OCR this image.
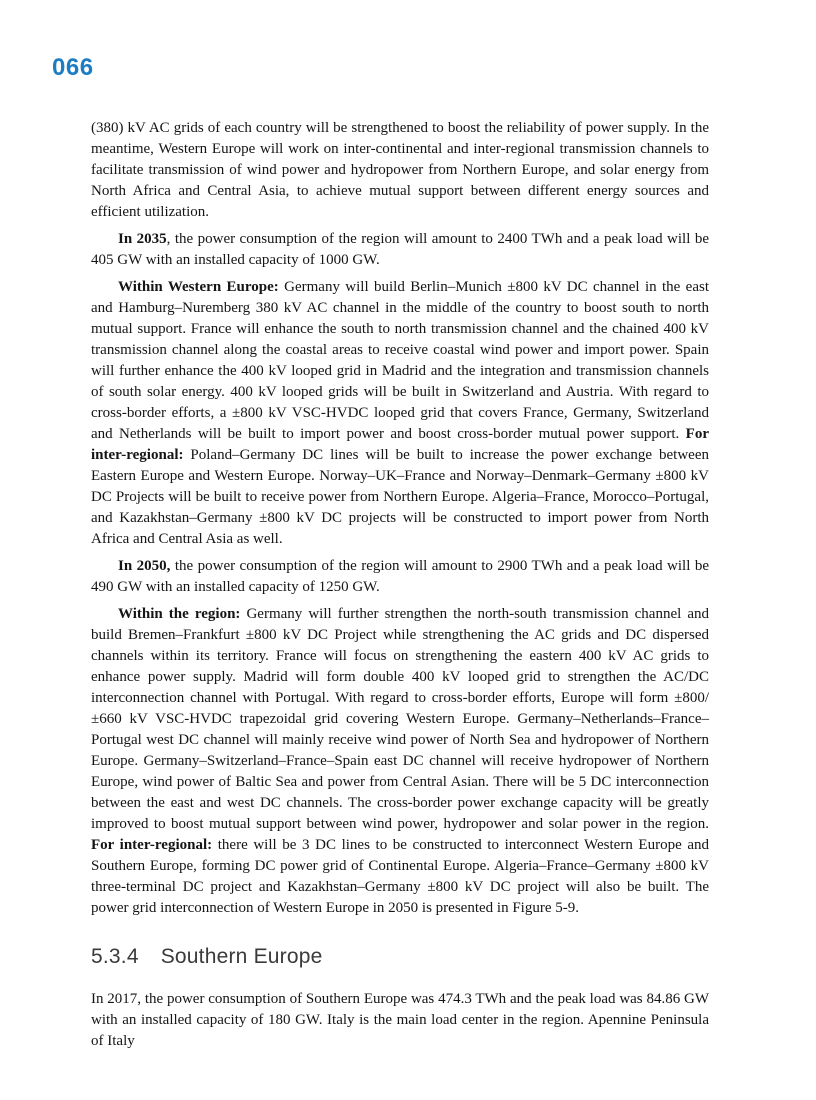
066

(380) kV AC grids of each country will be strengthened to boost the reliability of power supply. In the meantime, Western Europe will work on inter-continental and inter-regional transmission channels to facilitate transmission of wind power and hydropower from Northern Europe, and solar energy from North Africa and Central Asia, to achieve mutual support between different energy sources and efficient utilization.

In 2035, the power consumption of the region will amount to 2400 TWh and a peak load will be 405 GW with an installed capacity of 1000 GW.

Within Western Europe: Germany will build Berlin–Munich ±800 kV DC channel in the east and Hamburg–Nuremberg 380 kV AC channel in the middle of the country to boost south to north mutual support. France will enhance the south to north transmission channel and the chained 400 kV transmission channel along the coastal areas to receive coastal wind power and import power. Spain will further enhance the 400 kV looped grid in Madrid and the integration and transmission channels of south solar energy. 400 kV looped grids will be built in Switzerland and Austria. With regard to cross-border efforts, a ±800 kV VSC-HVDC looped grid that covers France, Germany, Switzerland and Netherlands will be built to import power and boost cross-border mutual power support. For inter-regional: Poland–Germany DC lines will be built to increase the power exchange between Eastern Europe and Western Europe. Norway–UK–France and Norway–Denmark–Germany ±800 kV DC Projects will be built to receive power from Northern Europe. Algeria–France, Morocco–Portugal, and Kazakhstan–Germany ±800 kV DC projects will be constructed to import power from North Africa and Central Asia as well.

In 2050, the power consumption of the region will amount to 2900 TWh and a peak load will be 490 GW with an installed capacity of 1250 GW.

Within the region: Germany will further strengthen the north-south transmission channel and build Bremen–Frankfurt ±800 kV DC Project while strengthening the AC grids and DC dispersed channels within its territory. France will focus on strengthening the eastern 400 kV AC grids to enhance power supply. Madrid will form double 400 kV looped grid to strengthen the AC/DC interconnection channel with Portugal. With regard to cross-border efforts, Europe will form ±800/±660 kV VSC-HVDC trapezoidal grid covering Western Europe. Germany–Netherlands–France–Portugal west DC channel will mainly receive wind power of North Sea and hydropower of Northern Europe. Germany–Switzerland–France–Spain east DC channel will receive hydropower of Northern Europe, wind power of Baltic Sea and power from Central Asian. There will be 5 DC interconnection between the east and west DC channels. The cross-border power exchange capacity will be greatly improved to boost mutual support between wind power, hydropower and solar power in the region. For inter-regional: there will be 3 DC lines to be constructed to interconnect Western Europe and Southern Europe, forming DC power grid of Continental Europe. Algeria–France–Germany ±800 kV three-terminal DC project and Kazakhstan–Germany ±800 kV DC project will also be built. The power grid interconnection of Western Europe in 2050 is presented in Figure 5-9.

5.3.4 Southern Europe

In 2017, the power consumption of Southern Europe was 474.3 TWh and the peak load was 84.86 GW with an installed capacity of 180 GW. Italy is the main load center in the region. Apennine Peninsula of Italy
